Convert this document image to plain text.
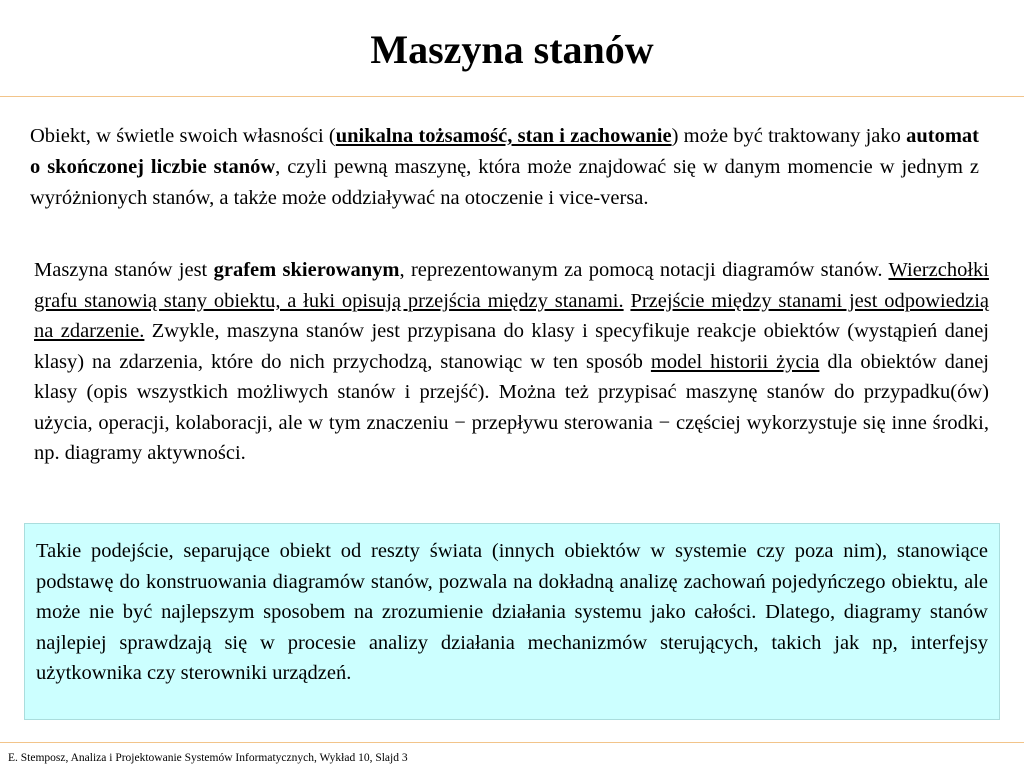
Maszyna stanów

Obiekt, w świetle swoich własności (unikalna tożsamość, stan i zachowanie) może być traktowany jako automat o skończonej liczbie stanów, czyli pewną maszynę, która może znajdować się w danym momencie w jednym z wyróżnionych stanów, a także może oddziaływać na otoczenie i vice-versa.

Maszyna stanów jest grafem skierowanym, reprezentowanym za pomocą notacji diagramów stanów. Wierzchołki grafu stanowią stany obiektu, a łuki opisują przejścia między stanami. Przejście między stanami jest odpowiedzią na zdarzenie. Zwykle, maszyna stanów jest przypisana do klasy i specyfikuje reakcje obiektów (wystąpień danej klasy) na zdarzenia, które do nich przychodzą, stanowiąc w ten sposób model historii życia dla obiektów danej klasy (opis wszystkich możliwych stanów i przejść). Można też przypisać maszynę stanów do przypadku(ów) użycia, operacji, kolaboracji, ale w tym znaczeniu − przepływu sterowania − częściej wykorzystuje się inne środki, np. diagramy aktywności.

Takie podejście, separujące obiekt od reszty świata (innych obiektów w systemie czy poza nim), stanowiące podstawę do konstruowania diagramów stanów, pozwala na dokładną analizę zachowań pojedyńczego obiektu, ale może nie być najlepszym sposobem na zrozumienie działania systemu jako całości. Dlatego, diagramy stanów najlepiej sprawdzają się w procesie analizy działania mechanizmów sterujących, takich jak np, interfejsy użytkownika czy sterowniki urządzeń.

E. Stemposz, Analiza i Projektowanie Systemów Informatycznych, Wykład 10, Slajd 3
